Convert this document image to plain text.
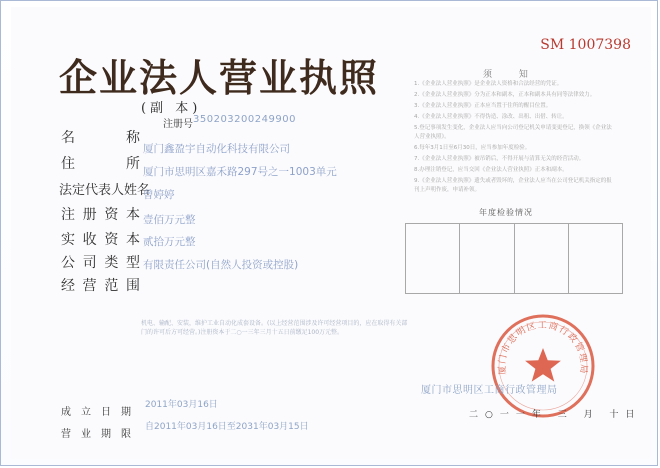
企业法人营业执照
(副 本)
SM 1007398
注册号 350203200249900
名 称
厦门鑫盈宇自动化科技有限公司
住 所 厦门市思明区嘉禾路297号之一1003单元
法定代表人姓名
曾婷婷
注册资本 壹佰万元整
实收资本 贰拾万元整
公司类型 有限责任公司(自然人投资或控股)
经营范围
机电、输配、安装，维护工业自动化成套设备。(以上经营范围涉及许可经营项目的，应在取得有关部门的许可后方可经营。)注册资本于二○一三年三月十五日前缴足100万元整。
须 知
1.《企业法人营业执照》是企业法人资格和合法经营的凭证。
2.《企业法人营业执照》分为正本和副本，正本和副本具有同等法律效力。
3.《企业法人营业执照》正本应当置于住所的醒目位置。
4.《企业法人营业执照》不得伪造、涂改、出租、出借、转让。
5.登记事项发生变化，企业法人应当向公司登记机关申请变更登记，换领《企业法
人营业执照》。
6.每年3月1日至6月30日，应当参加年度检验。
7.《企业法人营业执照》被吊销后，不得开展与清算无关的经营活动。
8.办理注销登记，应当交回《企业法人营业执照》正本和副本。
9.《企业法人营业执照》遗失或者毁坏的，企业法人应当在公司登记机关指定的报
刊上声明作废，申请补领。
年度检验情况
厦门市思明区工商行政管理局
厦门市思明区工商行政管理局
二○一一年 三 月 十日
成立日期
2011年03月16日
营业期限
自2011年03月16日至2031年03月15日
